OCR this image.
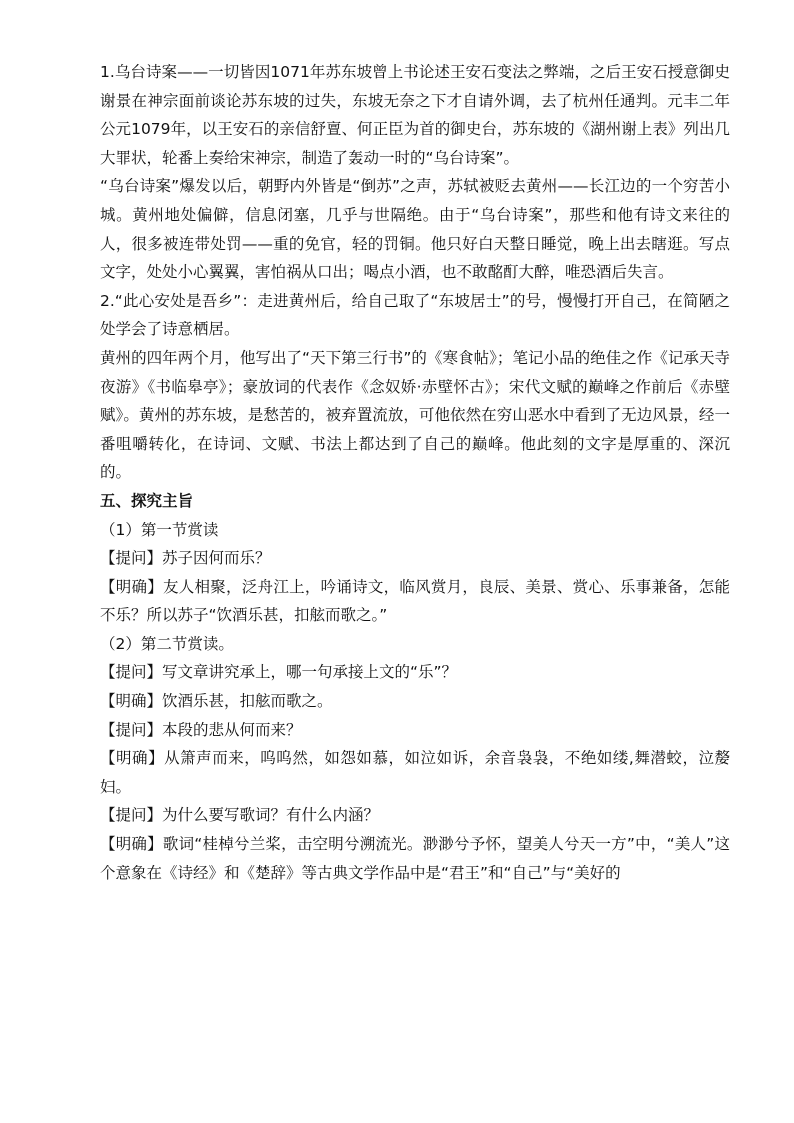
1.乌台诗案——一切皆因1071年苏东坡曾上书论述王安石变法之弊端，之后王安石授意御史谢景在神宗面前谈论苏东坡的过失，东坡无奈之下才自请外调，去了杭州任通判。元丰二年公元1079年，以王安石的亲信舒亶、何正臣为首的御史台，苏东坡的《湖州谢上表》列出几大罪状，轮番上奏给宋神宗，制造了轰动一时的“乌台诗案”。

“乌台诗案”爆发以后，朝野内外皆是“倒苏”之声，苏轼被贬去黄州——长江边的一个穷苦小城。黄州地处偏僻，信息闭塞，几乎与世隔绝。由于“乌台诗案”，那些和他有诗文来往的人，很多被连带处罚——重的免官，轻的罚铜。他只好白天整日睡觉，晚上出去瞎逛。写点文字，处处小心翼翼，害怕祸从口出；喝点小酒，也不敢酩酊大醉，唯恐酒后失言。

2.“此心安处是吾乡”：走进黄州后，给自己取了“东坡居士”的号，慢慢打开自己，在简陋之处学会了诗意栖居。

黄州的四年两个月，他写出了“天下第三行书”的《寒食帖》；笔记小品的绝佳之作《记承天寺夜游》《书临皋亭》；豪放词的代表作《念奴娇·赤壁怀古》；宋代文赋的巅峰之作前后《赤壁赋》。黄州的苏东坡，是愁苦的，被弃置流放，可他依然在穷山恶水中看到了无边风景，经一番咀嚼转化，在诗词、文赋、书法上都达到了自己的巅峰。他此刻的文字是厚重的、深沉的。

五、探究主旨

（1）第一节赏读

【提问】苏子因何而乐？

【明确】友人相聚，泛舟江上，吟诵诗文，临风赏月，良辰、美景、赏心、乐事兼备，怎能不乐？所以苏子“饮酒乐甚，扣舷而歌之。”

（2）第二节赏读。

【提问】写文章讲究承上，哪一句承接上文的“乐”？

【明确】饮酒乐甚，扣舷而歌之。

【提问】本段的悲从何而来？

【明确】从箫声而来，呜呜然，如怨如慕，如泣如诉，余音袅袅，不绝如缕,舞潜蛟，泣嫠妇。

【提问】为什么要写歌词？有什么内涵？

【明确】歌词“桂棹兮兰桨，击空明兮溯流光。渺渺兮予怀，望美人兮天一方”中，“美人”这个意象在《诗经》和《楚辞》等古典文学作品中是“君王”和“自己”与“美好的
